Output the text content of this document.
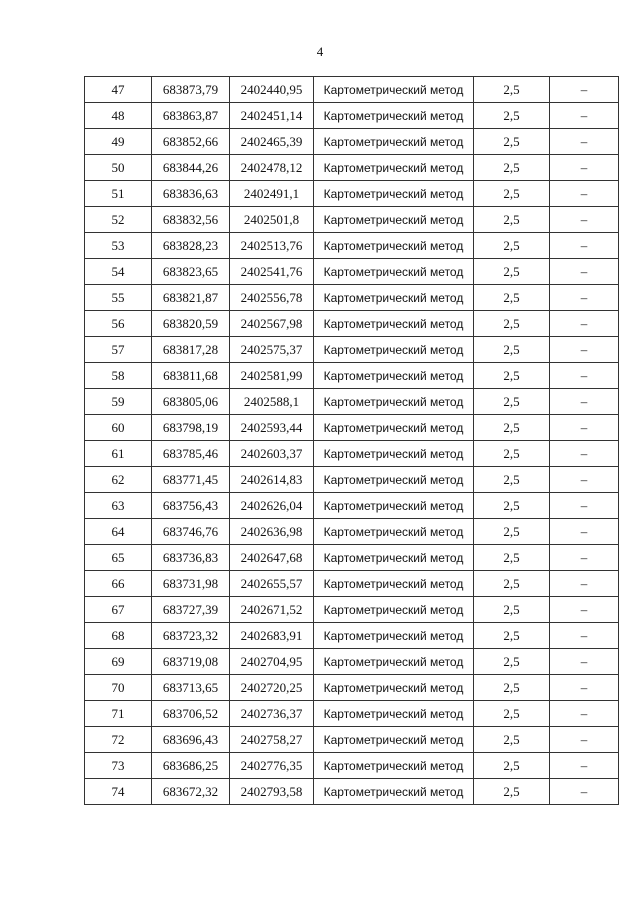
4
47	683873,79	2402440,95	Картометрический метод	2,5	–
48	683863,87	2402451,14	Картометрический метод	2,5	–
49	683852,66	2402465,39	Картометрический метод	2,5	–
50	683844,26	2402478,12	Картометрический метод	2,5	–
51	683836,63	2402491,1	Картометрический метод	2,5	–
52	683832,56	2402501,8	Картометрический метод	2,5	–
53	683828,23	2402513,76	Картометрический метод	2,5	–
54	683823,65	2402541,76	Картометрический метод	2,5	–
55	683821,87	2402556,78	Картометрический метод	2,5	–
56	683820,59	2402567,98	Картометрический метод	2,5	–
57	683817,28	2402575,37	Картометрический метод	2,5	–
58	683811,68	2402581,99	Картометрический метод	2,5	–
59	683805,06	2402588,1	Картометрический метод	2,5	–
60	683798,19	2402593,44	Картометрический метод	2,5	–
61	683785,46	2402603,37	Картометрический метод	2,5	–
62	683771,45	2402614,83	Картометрический метод	2,5	–
63	683756,43	2402626,04	Картометрический метод	2,5	–
64	683746,76	2402636,98	Картометрический метод	2,5	–
65	683736,83	2402647,68	Картометрический метод	2,5	–
66	683731,98	2402655,57	Картометрический метод	2,5	–
67	683727,39	2402671,52	Картометрический метод	2,5	–
68	683723,32	2402683,91	Картометрический метод	2,5	–
69	683719,08	2402704,95	Картометрический метод	2,5	–
70	683713,65	2402720,25	Картометрический метод	2,5	–
71	683706,52	2402736,37	Картометрический метод	2,5	–
72	683696,43	2402758,27	Картометрический метод	2,5	–
73	683686,25	2402776,35	Картометрический метод	2,5	–
74	683672,32	2402793,58	Картометрический метод	2,5	–
